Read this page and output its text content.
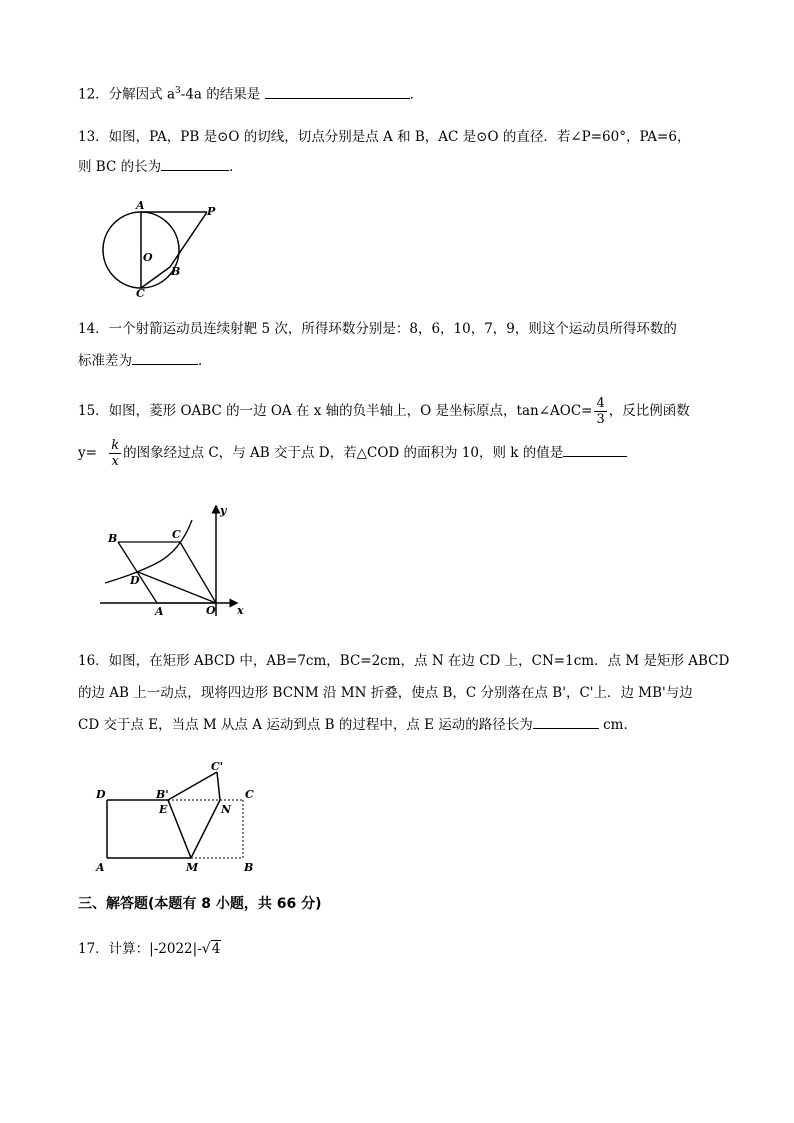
12．分解因式 $a^3-4a$ 的结果是	．
13．如图，PA，PB 是⊙O 的切线，切点分别是点 A 和 B，AC 是⊙O 的直径．若∠P=60°，PA=6，
则 BC 的长为	．
A	P
O
B
C
14．一个射箭运动员连续射靶 5 次，所得环数分别是：8，6，10，7，9，则这个运动员所得环数的
标准差为	．
15．如图，菱形 OABC 的一边 OA 在 x 轴的负半轴上，O 是坐标原点，tan∠AOC= $\frac{4}{3}$ ，反比例函数
$y= \frac{k}{x}$ 的图象经过点 C，与 AB 交于点 D，若△COD 的面积为 10，则 k 的值是
B	C
D
A	O x
y
16．如图，在矩形 ABCD 中，AB=7cm，BC=2cm，点 N 在边 CD 上，CN=1cm．点 M 是矩形 ABCD
的边 AB 上一动点，现将四边形 BCNM 沿 MN 折叠，使点 B，C 分别落在点 B'，C'上．边 MB'与边
CD 交于点 E，当点 M 从点 A 运动到点 B 的过程中，点 E 运动的路径长为	cm．
C'
D	B'	C
E	N
A	M	B
三、解答题(本题有 8 小题，共 66 分)
17．计算：|-2022|-√4
